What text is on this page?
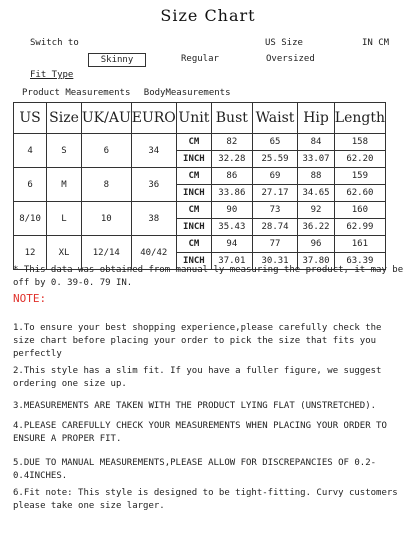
Size Chart
Switch to	US Size	IN CM
Skinny	Regular	Oversized
Fit Type
Product Measurements BodyMeasurements
US	Size	UK/AU	EURO	Unit	Bust	Waist	Hip	Length
4	S	6	34	CM	82	65	84	158
				INCH	32.28	25.59	33.07	62.20
6	M	8	36	CM	86	69	88	159
				INCH	33.86	27.17	34.65	62.60
8/10	L	10	38	CM	90	73	92	160
				INCH	35.43	28.74	36.22	62.99
12	XL	12/14	40/42	CM	94	77	96	161
				INCH	37.01	30.31	37.80	63.39
* This data was obtained from manual ly measuring the product, it may be off by 0. 39-0. 79 IN.
NOTE:
1.To ensure your best shopping experience,please carefully check the size chart before placing your order to pick the size that fits you perfectly
2.This style has a slim fit. If you have a fuller figure, we suggest ordering one size up.
3.MEASUREMENTS ARE TAKEN WITH THE PRODUCT LYING FLAT (UNSTRETCHED).
4.PLEASE CAREFULLY CHECK YOUR MEASUREMENTS WHEN PLACING YOUR ORDER TO ENSURE A PROPER FIT.
5.DUE TO MANUAL MEASUREMENTS,PLEASE ALLOW FOR DISCREPANCIES OF 0.2-0.4INCHES.
6.Fit note: This style is designed to be tight-fitting. Curvy customers please take one size larger.
